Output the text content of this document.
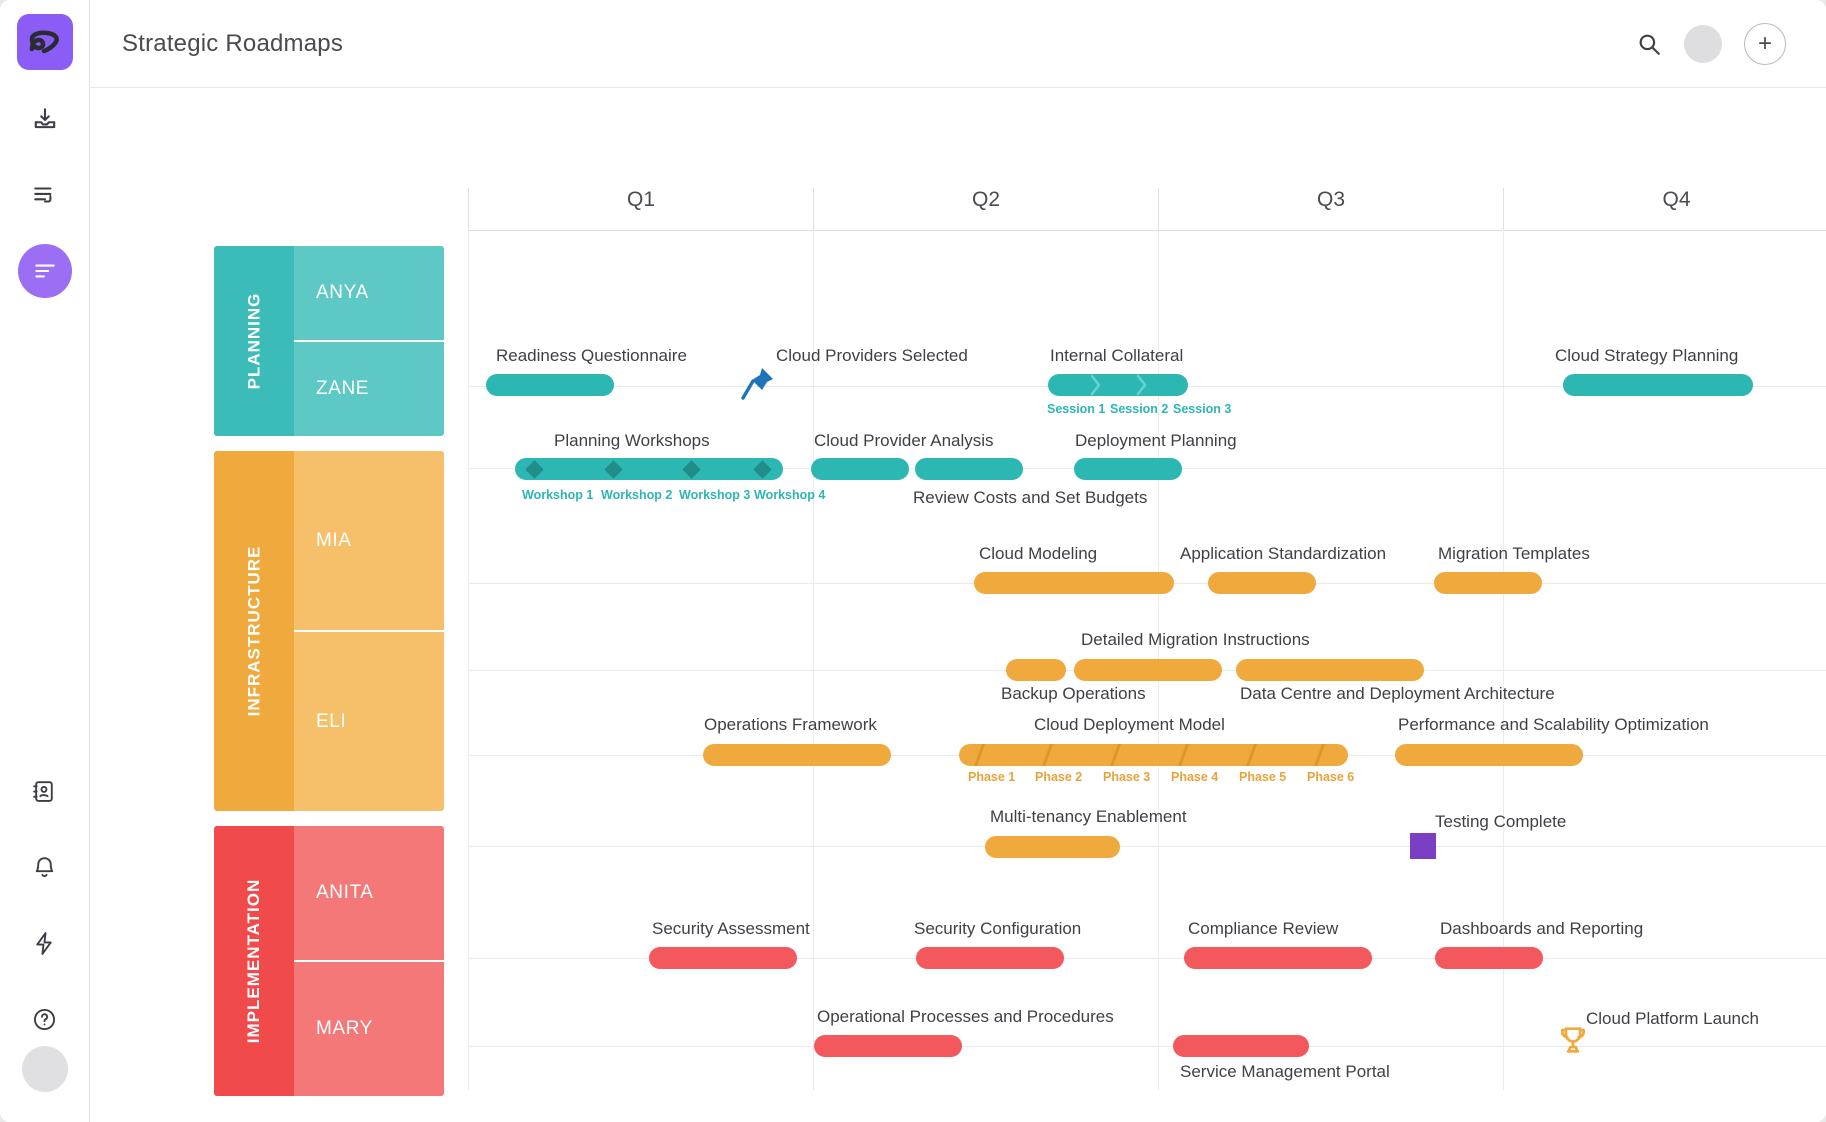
Strategic Roadmaps	+
Q1	Q2	Q3	Q4
PLANNING
ANYA
ZANE
INFRASTRUCTURE
MIA
ELI
IMPLEMENTATION	ANITA
MARY
Readiness Questionnaire	Cloud Providers Selected	Internal Collateral
Session 1 Session 2 Session 3
Cloud Strategy Planning
Planning Workshops
Workshop 1 Workshop 2 Workshop 3 Workshop 4
Cloud Provider Analysis
Review Costs and Set Budgets
Deployment Planning
Cloud Modeling	Application Standardization	Migration Templates
Detailed Migration Instructions
Backup Operations	Data Centre and Deployment Architecture
Operations Framework	Cloud Deployment Model
Phase 1 Phase 2 Phase 3 Phase 4 Phase 5 Phase 6
Performance and Scalability Optimization
Multi-tenancy Enablement	Testing Complete
Security Assessment	Security Configuration	Compliance Review	Dashboards and Reporting
Operational Processes and Procedures
Service Management Portal
Cloud Platform Launch
